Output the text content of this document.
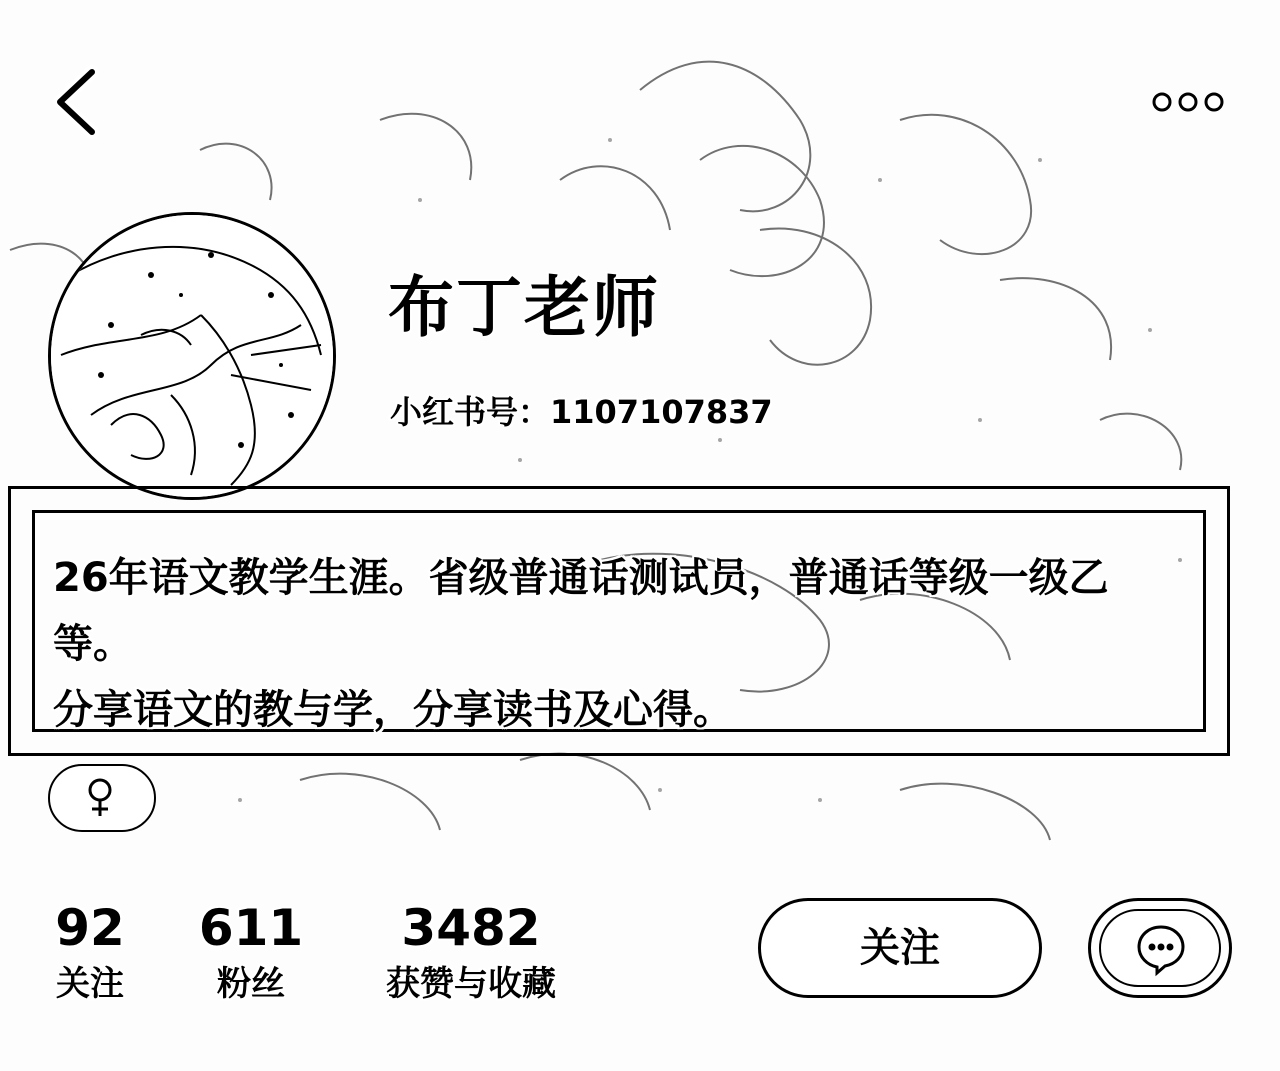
布丁老师
小红书号：1107107837

26年语文教学生涯。省级普通话测试员，普通话等级一级乙等。

分享语文的教与学，分享读书及心得。

92
关注
611
粉丝
3482
获赞与收藏
关注
